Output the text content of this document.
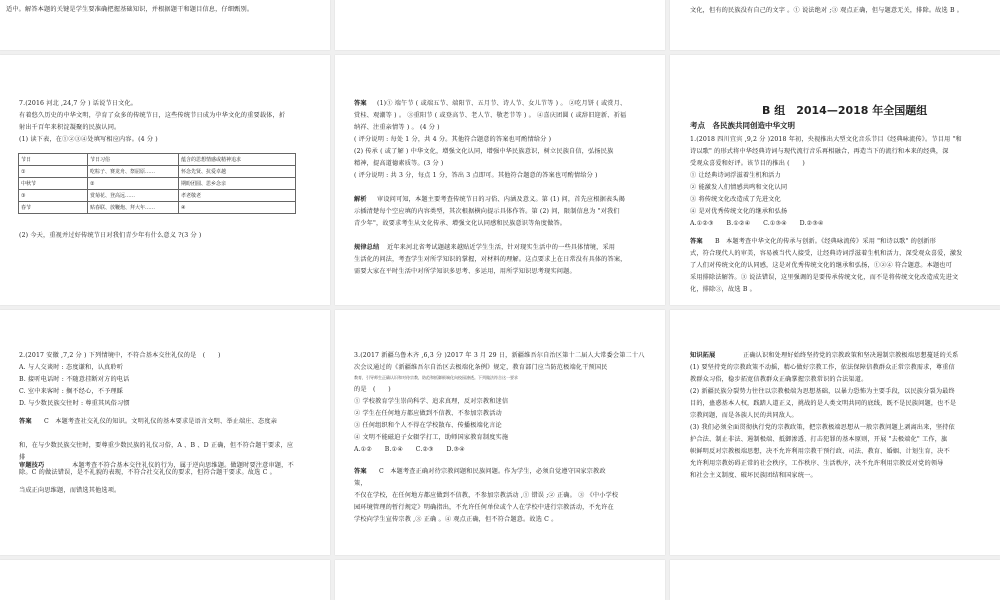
适中。解答本题的关键是学生要准确把握基础知识，并根据题干和题目信息，仔细甄别。	文化，但有的民族没有自己的文字 。① 说法绝对 ;③ 观点正确，但与题意无关，排除。故选 B 。
7.(2016 河北 ,24,7 分 ) 话说节日文化。
有着悠久历史的中华文明，孕育了众多的传统节日，这些传统节日成为中华文化的重要载体，折
射出千百年来积淀凝聚的民族认同。
(1) 读下表，在①②③④处填写相应内容。(4 分 )
节日	节日习俗	蕴含的思想情感或精神追求
①	吃粽子、赛龙舟、祭屈原……	怀念先贤、抗爱卓越
中秋节	②	期盼团圆、思乡念亲
③	赏菊花、登高远……	孝老敬老
春节	贴春联、放鞭炮、拜大年……	④
(2) 今天，重视并过好传统节日对我们青少年有什么意义 ?(3 分 )
答案 (1)① 端午节 ( 或端五节、端阳节、五月节、诗人节、女儿节等 ) 。 ②吃月饼 ( 或赏月、
赏桂、观潮等 ) 。 ③重阳节 ( 或登高节、老人节、敬老节等 ) 。 ④喜庆团圆 ( 或辞旧迎新、祈福
纳祥、注重亲情等 ) 。 (4 分 )
( 评分说明 : 每处 1 分，共 4 分。其他符合题意的答案也可酌情给分 )
(2) 传承 ( 或了解 ) 中华文化，增强文化认同，增强中华民族意识，树立民族自信，弘扬民族
精神，提高道德素质等。(3 分 )
( 评分说明 : 共 3 分，每点 1 分，答出 3 点即可。其他符合题意的答案也可酌情给分 )
解析 审设问可知，本题主要考查传统节日的习俗、内涵及意义。第 (1) 问，首先应根据表头揭
示插清楚每个空应填的内容类型，其次根据横向提示具体作答。第 (2) 问，限制信息为 "对我们
青少年"，故要求考生从文化传承、增强文化认同感和民族意识等角度做答。
规律总结 近年来河北省考试题越来越贴近学生生活，针对现实生活中的一些具体情境，采用
生活化的问法，考查学生对所学知识的掌握，对材料的理解。这点要求上在日常没有具体的答案，
需要大家在平时生活中对所学知识多思考、多运用，用所学知识思考现实问题。
B 组　2014—2018 年全国题组
考点　各民族共同创造中华文明
1.(2018 四川宜宾 ,9,2 分 )2018 年初，央视推出大型文化音乐节目《经典咏流传》。节目用 "和
诗以歌" 的形式将中华经典诗词与现代流行音乐再相融合，再造当下的流行和本来的经典，深
受观众喜爱和好评。该节目的推出 (　　)
① 让经典诗词浮滋着生机和活力
② 能激发人们情感共鸣和文化认同
③ 将传统文化改造成了先进文化
④ 是对优秀传统文化的继承和弘扬
A.①②③　　B.①②④　　C.①③④　　D.②③④
答案 B　本题考查中华文化的传承与创新。《经典咏流传》采用 "和诗以歌" 的创新形
式，符合现代人的审美，容易被当代人接受，让经典诗词浮滋着生机和活力，深受观众喜爱，激发
了人们对传统文化的认同感，这是对优秀传统文化的继承和弘扬，①②④ 符合题意。本题也可
采用排除法解答。③ 说法错误，这里强调的是要传承传统文化，而不是将传统文化改造成先进文
化，排除③，故选 B 。
2.(2017 安徽 ,7,2 分 ) 下列情境中，不符合基本交往礼仪的是　(　　)
A. 与人交谈时 : 态度谦和，认真聆听
B. 接听电话时 : 不随意挂断对方的电话
C. 室中来客时 : 搁不经心，不予理睬
D. 与少数民族交往时 : 尊重其风俗习惯
答案 C　本题考查社交礼仪的知识。文明礼仪的基本要求是语言文明、举止端庄、态度亲
和，在与少数民族交往时，要尊重少数民族的礼仪习俗，A 、B 、D 正确，但不符合题干要求，应
排
审题技巧	本题考查不符合基本交往礼仪的行为，属于逆向思维题。做题时要注意审题，不
除。C 的做法错误，是不礼貌的表现，不符合社交礼仪的要求，但符合题干要求。故选 C 。
当成正向思维题，而错选其他选项。
3.(2017 新疆乌鲁木齐 ,6,3 分 )2017 年 3 月 29 日，新疆维吾尔自治区第十二届人大常委会第二十八
次会议通过的《新疆维吾尔自治区去极端化条例》规定，教育部门应当防范极端化干预国民
教育，引导师生正确认识和对待宗教，防范和抵御极端化向校园渗透。下列做法符合这一要求
的是　(　　)
① 学校教育学生崇尚科学、追求真理，反对宗教和迷信
② 学生在任何地方都应做到不信教、不参加宗教活动
③ 任何组织和个人不得在学校散布、传播极端化言论
④ 文明不能磁迫子女辍学打工，助师国家教育制度实施
A.①②　　B.①④　　C.②③　　D.③④
答案 C　本题考查正确对待宗教问题和民族问题。作为学生，必须自觉遵守国家宗教政
策，
不仅在学校，在任何地方都应做到不信教，不参加宗教活动 ,① 错误 ;② 正确。 ③ 《中小学校
园环境管理的暂行规定》明确指出，不允许任何单位或个人在学校中进行宗教活动，不允许在
学校向学生宣传宗教 ,③ 正确 。④ 观点正确，但不符合题意。故选 C 。
知识拓展	正确认识和处理好始终坚持党的宗教政策和坚决遏制宗教极端思想蔓延的关系
(1) 要坚持党的宗教政策不动摇，精心做好宗教工作，依法保障信教群众正常宗教需求，尊重信
教群众习俗，稳步拓宽信教群众正确掌握宗教常识的合法渠道。
(2) 新疆民族分裂势力往往以宗教极端为思想基础，以暴力恐怖为主要手段，以民族分裂为最终
目的，蛊惑基本人权，践踏人道正义，挑战的是人类文明共同的底线，既不是民族问题，也不是
宗教问题，而是各族人民的共同敌人。
(3) 我们必须全面贯彻执行党的宗教政策，把宗教极端思想从一般宗教问题上剥离出来，坚持依
护合法、制止非法、遏制极端、抵御渗透、打击犯罪的基本原则，开展 "去极端化" 工作，旗
帜鲜明反对宗教极端思想，决不允许利用宗教干预行政、司法、教育、婚姻、计划生育，决不
允许利用宗教妨碍正常的社会秩序，工作秩序、生活秩序，决不允许利用宗教反对党的领导
和社会主义制度、破坏民族团结和国家统一。
